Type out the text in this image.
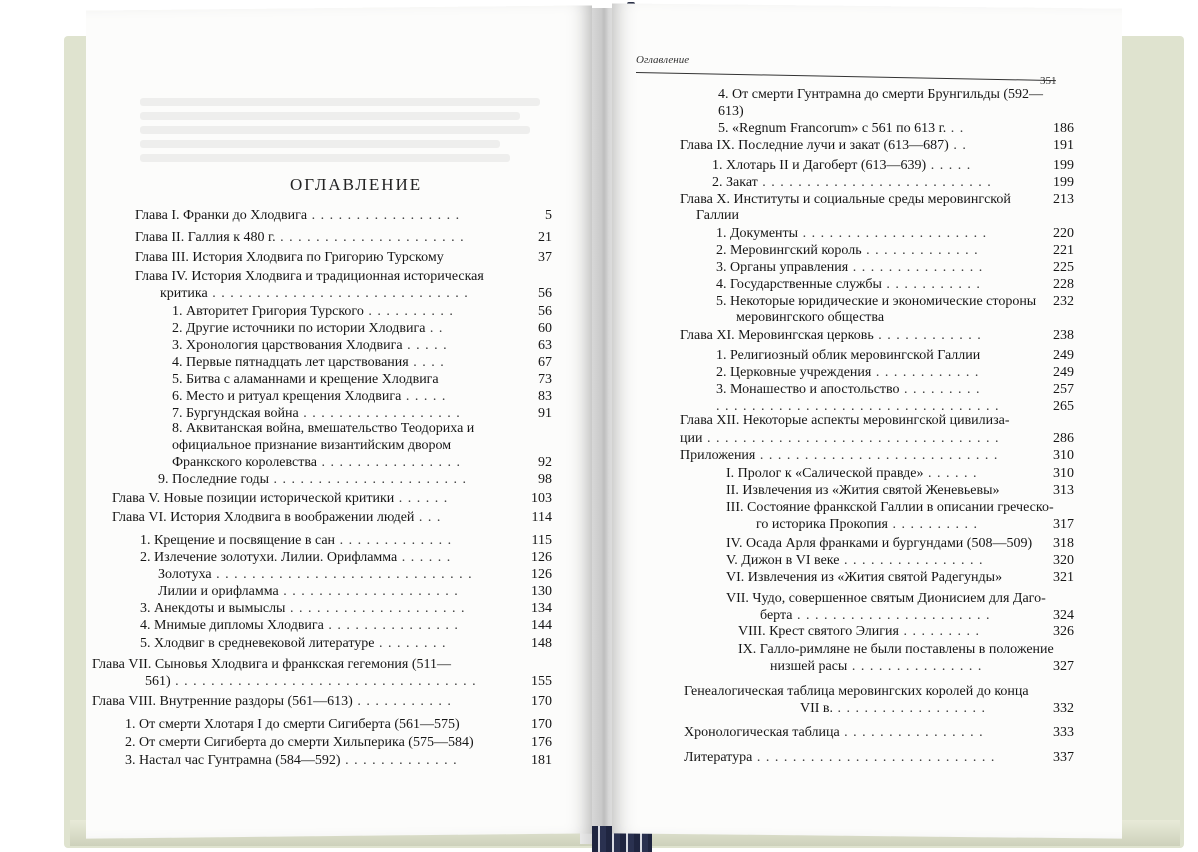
ОГЛАВЛЕНИЕ
Оглавление
351
Глава I. Франки до Хлодвига . . . . . . . . . . . . . . . . .	5
Глава II. Галлия к 480 г. . . . . . . . . . . . . . . . . . . . . .	21
Глава III. История Хлодвига по Григорию Турскому	37
Глава IV. История Хлодвига и традиционная историческая
критика . . . . . . . . . . . . . . . . . . . . . . . . . . . . .	56
1. Авторитет Григория Турского . . . . . . . . . .	56
2. Другие источники по истории Хлодвига . .	60
3. Хронология царствования Хлодвига . . . . .	63
4. Первые пятнадцать лет царствования . . . .	67
5. Битва с аламаннами и крещение Хлодвига	73
6. Место и ритуал крещения Хлодвига . . . . .	83
7. Бургундская война . . . . . . . . . . . . . . . . . .	91
8. Аквитанская война, вмешательство Теодориха и
официальное признание византийским двором
Франкского королевства . . . . . . . . . . . . . . . .	92
9. Последние годы . . . . . . . . . . . . . . . . . . . . . .	98
Глава V. Новые позиции исторической критики . . . . . .	103
Глава VI. История Хлодвига в воображении людей . . .	114
1. Крещение и посвящение в сан . . . . . . . . . . . . .	115
2. Излечение золотухи. Лилии. Орифламма . . . . . .	126
Золотуха . . . . . . . . . . . . . . . . . . . . . . . . . . . . .	126
Лилии и орифламма . . . . . . . . . . . . . . . . . . . .	130
3. Анекдоты и вымыслы . . . . . . . . . . . . . . . . . . . .	134
4. Мнимые дипломы Хлодвига . . . . . . . . . . . . . . .	144
5. Хлодвиг в средневековой литературе . . . . . . . .	148
Глава VII. Сыновья Хлодвига и франкская гегемония (511—
561) . . . . . . . . . . . . . . . . . . . . . . . . . . . . . . . . . .	155
Глава VIII. Внутренние раздоры (561—613) . . . . . . . . . . .	170
1. От смерти Хлотаря I до смерти Сигиберта (561—575)	170
2. От смерти Сигиберта до смерти Хильперика (575—584)	176
3. Настал час Гунтрамна (584—592) . . . . . . . . . . . . .	181
4. От смерти Гунтрамна до смерти Брунгильды (592—
613)
5. «Regnum Francorum» с 561 по 613 г. . .	186
Глава IX. Последние лучи и закат (613—687) . .	191
1. Хлотарь II и Дагоберт (613—639) . . . . .	199
2. Закат . . . . . . . . . . . . . . . . . . . . . . . . . .	199
Глава X. Институты и социальные среды меровингской	213
Галлии
1. Документы . . . . . . . . . . . . . . . . . . . . .	220
2. Меровингский король . . . . . . . . . . . . .	221
3. Органы управления . . . . . . . . . . . . . . .	225
4. Государственные службы . . . . . . . . . . .	228
5. Некоторые юридические и экономические стороны	232
меровингского общества
Глава XI. Меровингская церковь . . . . . . . . . . . .	238
1. Религиозный облик меровингской Галлии	249
2. Церковные учреждения . . . . . . . . . . . .	249
3. Монашество и апостольство . . . . . . . . .	257
. . . . . . . . . . . . . . . . . . . . . . . . . . . . . . . .	265
Глава XII. Некоторые аспекты меровингской цивилиза-
ции . . . . . . . . . . . . . . . . . . . . . . . . . . . . . . . . .	286
Приложения . . . . . . . . . . . . . . . . . . . . . . . . . . .	310
I. Пролог к «Салической правде» . . . . . .	310
II. Извлечения из «Жития святой Женевьевы»	313
III. Состояние франкской Галлии в описании греческо-
го историка Прокопия . . . . . . . . . .	317
IV. Осада Арля франками и бургундами (508—509)	318
V. Дижон в VI веке . . . . . . . . . . . . . . . .	320
VI. Извлечения из «Жития святой Радегунды»	321
VII. Чудо, совершенное святым Дионисием для Даго-
берта . . . . . . . . . . . . . . . . . . . . . .	324
VIII. Крест святого Элигия . . . . . . . . .	326
IX. Галло-римляне не были поставлены в положение
низшей расы . . . . . . . . . . . . . . .	327
Генеалогическая таблица меровингских королей до конца
VII в. . . . . . . . . . . . . . . . . .	332
Хронологическая таблица . . . . . . . . . . . . . . . .	333
Литература . . . . . . . . . . . . . . . . . . . . . . . . . . .	337
